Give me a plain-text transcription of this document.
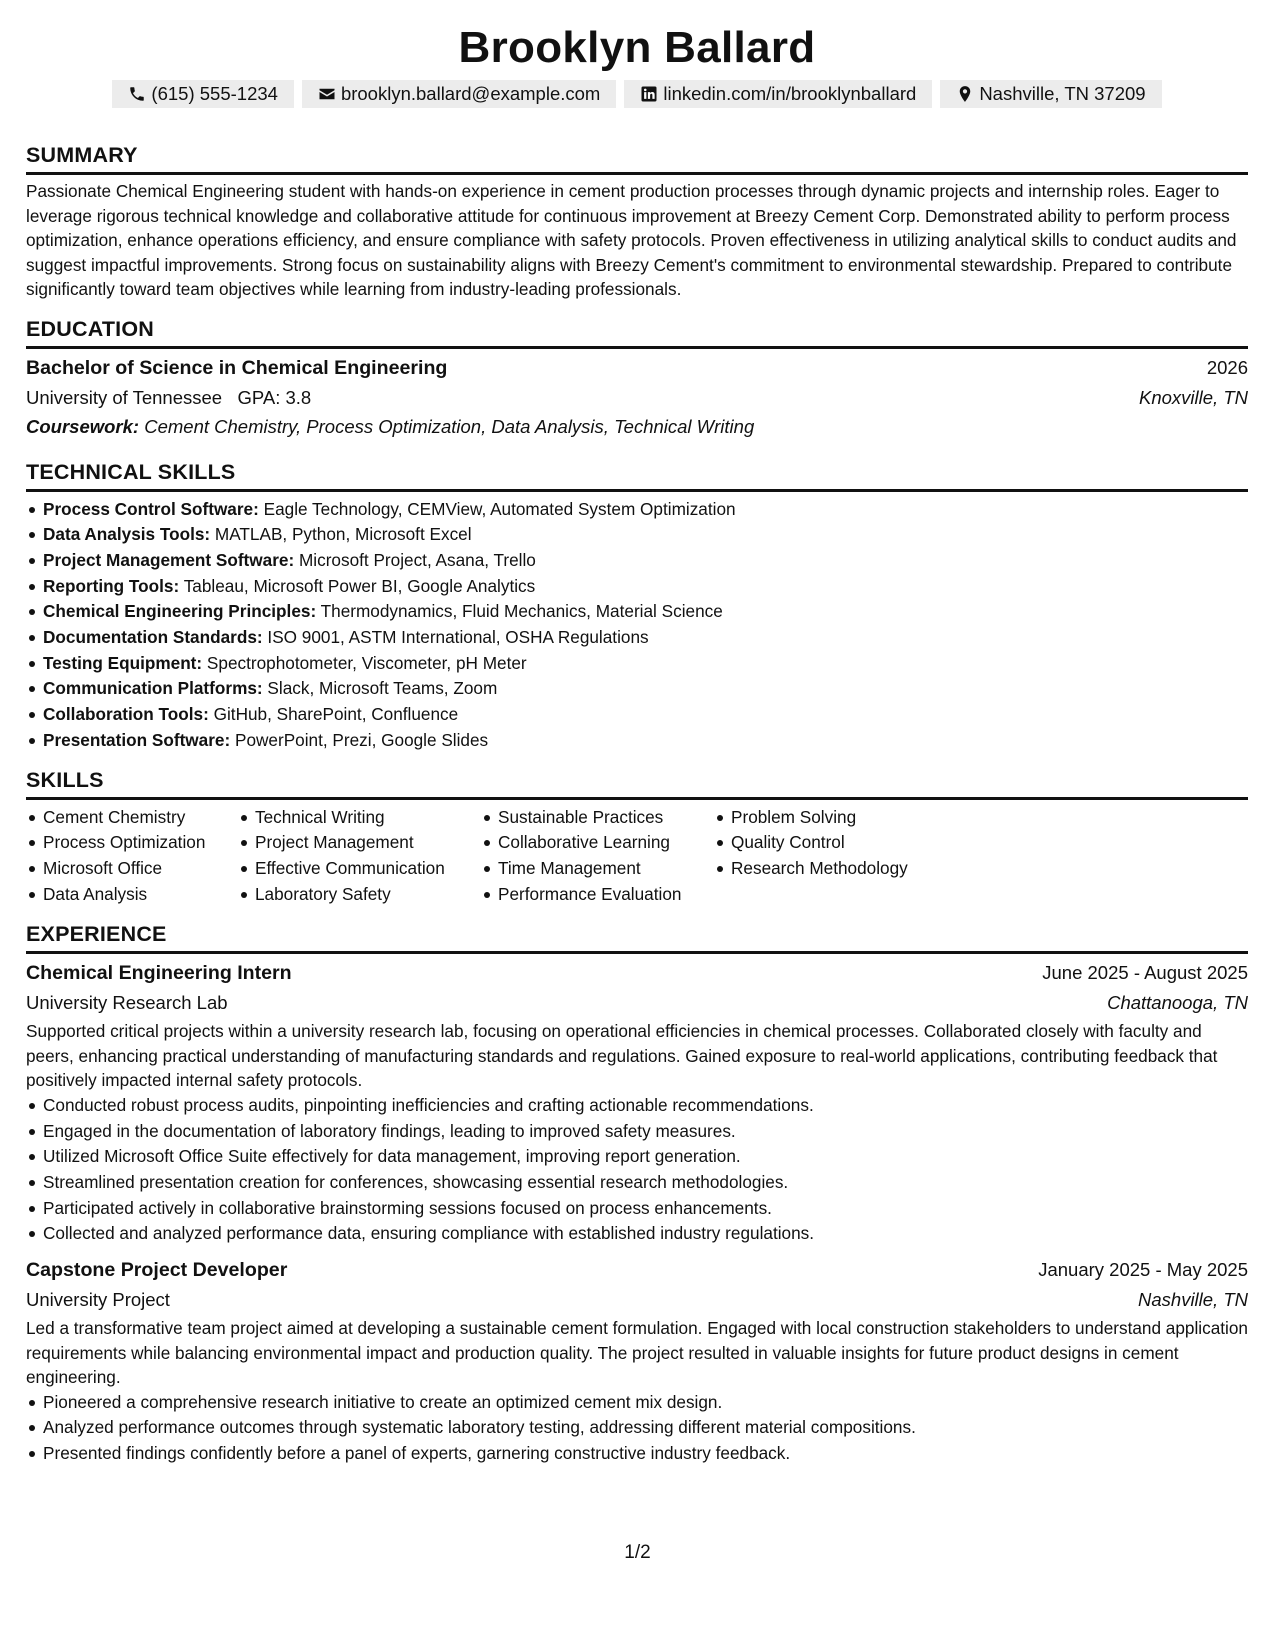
Brooklyn Ballard
(615) 555-1234	brooklyn.ballard@example.com	linkedin.com/in/brooklynballard	Nashville, TN 37209
SUMMARY

Passionate Chemical Engineering student with hands-on experience in cement production processes through dynamic projects and internship roles. Eager to leverage rigorous technical knowledge and collaborative attitude for continuous improvement at Breezy Cement Corp. Demonstrated ability to perform process optimization, enhance operations efficiency, and ensure compliance with safety protocols. Proven effectiveness in utilizing analytical skills to conduct audits and suggest impactful improvements. Strong focus on sustainability aligns with Breezy Cement's commitment to environmental stewardship. Prepared to contribute significantly toward team objectives while learning from industry-leading professionals.

EDUCATION
Bachelor of Science in Chemical Engineering	2026
University of Tennessee GPA: 3.8	Knoxville, TN
Coursework: Cement Chemistry, Process Optimization, Data Analysis, Technical Writing
TECHNICAL SKILLS
Process Control Software: Eagle Technology, CEMView, Automated System Optimization
Data Analysis Tools: MATLAB, Python, Microsoft Excel
Project Management Software: Microsoft Project, Asana, Trello
Reporting Tools: Tableau, Microsoft Power BI, Google Analytics
Chemical Engineering Principles: Thermodynamics, Fluid Mechanics, Material Science
Documentation Standards: ISO 9001, ASTM International, OSHA Regulations
Testing Equipment: Spectrophotometer, Viscometer, pH Meter
Communication Platforms: Slack, Microsoft Teams, Zoom
Collaboration Tools: GitHub, SharePoint, Confluence
Presentation Software: PowerPoint, Prezi, Google Slides
SKILLS
Cement Chemistry
Process Optimization
Microsoft Office
Data Analysis
Technical Writing
Project Management
Effective Communication
Laboratory Safety
Sustainable Practices
Collaborative Learning
Time Management
Performance Evaluation
Problem Solving
Quality Control
Research Methodology
EXPERIENCE
Chemical Engineering Intern	June 2025 - August 2025
University Research Lab	Chattanooga, TN

Supported critical projects within a university research lab, focusing on operational efficiencies in chemical processes. Collaborated closely with faculty and peers, enhancing practical understanding of manufacturing standards and regulations. Gained exposure to real-world applications, contributing feedback that positively impacted internal safety protocols.

Conducted robust process audits, pinpointing inefficiencies and crafting actionable recommendations.
Engaged in the documentation of laboratory findings, leading to improved safety measures.
Utilized Microsoft Office Suite effectively for data management, improving report generation.
Streamlined presentation creation for conferences, showcasing essential research methodologies.
Participated actively in collaborative brainstorming sessions focused on process enhancements.
Collected and analyzed performance data, ensuring compliance with established industry regulations.
Capstone Project Developer	January 2025 - May 2025
University Project	Nashville, TN

Led a transformative team project aimed at developing a sustainable cement formulation. Engaged with local construction stakeholders to understand application requirements while balancing environmental impact and production quality. The project resulted in valuable insights for future product designs in cement engineering.

Pioneered a comprehensive research initiative to create an optimized cement mix design.
Analyzed performance outcomes through systematic laboratory testing, addressing different material compositions.
Presented findings confidently before a panel of experts, garnering constructive industry feedback.
1/2
